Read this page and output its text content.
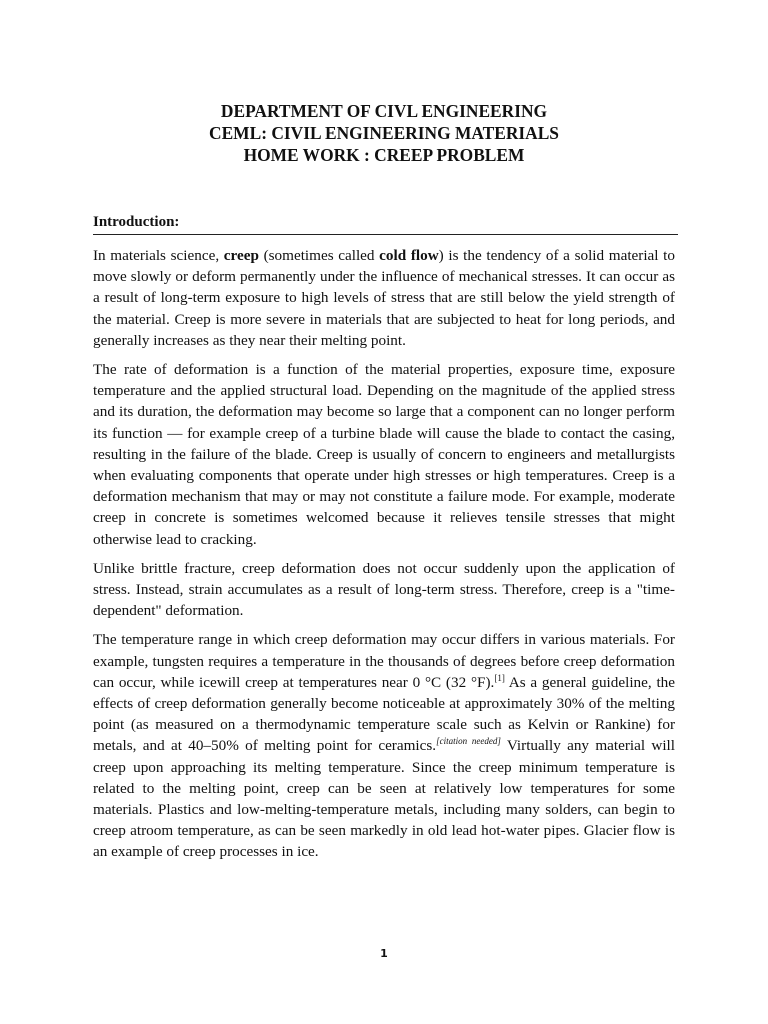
DEPARTMENT OF CIVL ENGINEERING
CEML: CIVIL ENGINEERING MATERIALS
HOME WORK : CREEP PROBLEM
Introduction:

In materials science, creep (sometimes called cold flow) is the tendency of a solid material to move slowly or deform permanently under the influence of mechanical stresses. It can occur as a result of long-term exposure to high levels of stress that are still below the yield strength of the material. Creep is more severe in materials that are subjected to heat for long periods, and generally increases as they near their melting point.

The rate of deformation is a function of the material properties, exposure time, exposure temperature and the applied structural load. Depending on the magnitude of the applied stress and its duration, the deformation may become so large that a component can no longer perform its function — for example creep of a turbine blade will cause the blade to contact the casing, resulting in the failure of the blade. Creep is usually of concern to engineers and metallurgists when evaluating components that operate under high stresses or high temperatures. Creep is a deformation mechanism that may or may not constitute a failure mode. For example, moderate creep in concrete is sometimes welcomed because it relieves tensile stresses that might otherwise lead to cracking.

Unlike brittle fracture, creep deformation does not occur suddenly upon the application of stress. Instead, strain accumulates as a result of long-term stress. Therefore, creep is a "time-dependent" deformation.

The temperature range in which creep deformation may occur differs in various materials. For example, tungsten requires a temperature in the thousands of degrees before creep deformation can occur, while icewill creep at temperatures near 0 °C (32 °F).[1] As a general guideline, the effects of creep deformation generally become noticeable at approximately 30% of the melting point (as measured on a thermodynamic temperature scale such as Kelvin or Rankine) for metals, and at 40–50% of melting point for ceramics.[citation needed] Virtually any material will creep upon approaching its melting temperature. Since the creep minimum temperature is related to the melting point, creep can be seen at relatively low temperatures for some materials. Plastics and low-melting-temperature metals, including many solders, can begin to creep atroom temperature, as can be seen markedly in old lead hot-water pipes. Glacier flow is an example of creep processes in ice.

1
